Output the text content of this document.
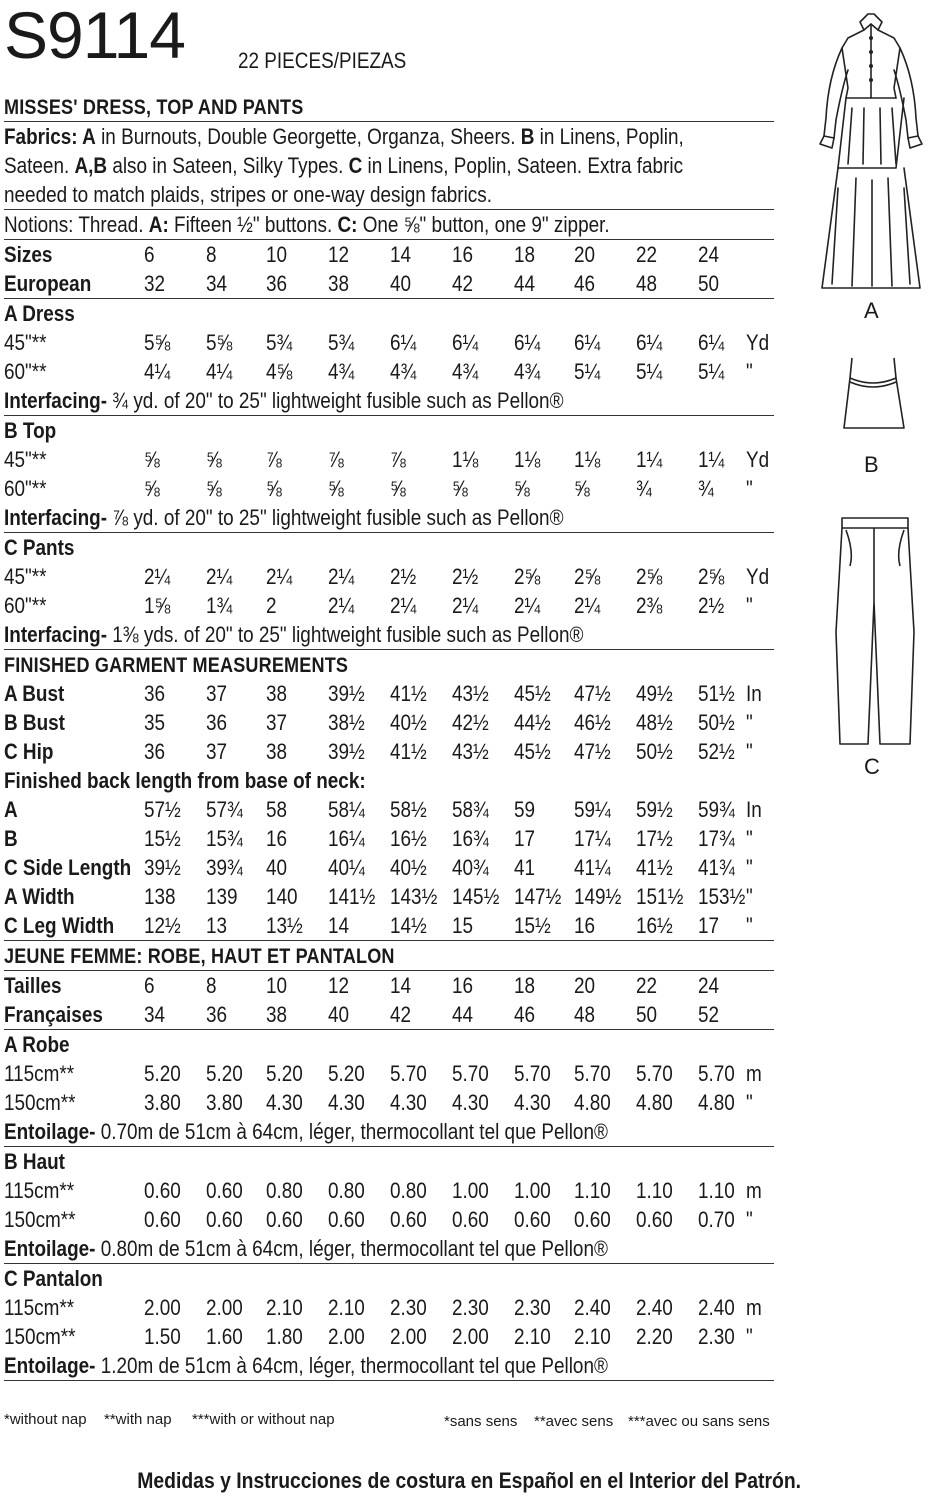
S9114 22 PIECES/PIEZAS
MISSES' DRESS, TOP AND PANTS
Fabrics: A in Burnouts, Double Georgette, Organza, Sheers. B in Linens, Poplin,
Sateen. A,B also in Sateen, Silky Types. C in Linens, Poplin, Sateen. Extra fabric
needed to match plaids, stripes or one-way design fabrics.
Notions: Thread. A: Fifteen ½" buttons. C: One ⅝" button, one 9" zipper.
Sizes	6 8 10 12 14 16 18 20 22 24
European	32 34 36 38 40 42 44 46 48 50
A Dress
45"**	5⅝ 5⅝ 5¾ 5¾ 6¼ 6¼ 6¼ 6¼ 6¼ 6¼ Yd
60"**	4¼ 4¼ 4⅝ 4¾ 4¾ 4¾ 4¾ 5¼ 5¼ 5¼ "
Interfacing- ¾ yd. of 20" to 25" lightweight fusible such as Pellon®
B Top
45"**	⅝ ⅝ ⅞ ⅞ ⅞ 1⅛ 1⅛ 1⅛ 1¼ 1¼ Yd
60"**	⅝ ⅝ ⅝ ⅝ ⅝ ⅝ ⅝ ⅝ ¾ ¾ "
Interfacing- ⅞ yd. of 20" to 25" lightweight fusible such as Pellon®
C Pants
45"**	2¼ 2¼ 2¼ 2¼ 2½ 2½ 2⅝ 2⅝ 2⅝ 2⅝ Yd
60"**	1⅝ 1¾ 2 2¼ 2¼ 2¼ 2¼ 2¼ 2⅜ 2½ "
Interfacing- 1⅜ yds. of 20" to 25" lightweight fusible such as Pellon®
FINISHED GARMENT MEASUREMENTS
A Bust	36 37 38 39½ 41½ 43½ 45½ 47½ 49½ 51½ In
B Bust	35 36 37 38½ 40½ 42½ 44½ 46½ 48½ 50½ "
C Hip	36 37 38 39½ 41½ 43½ 45½ 47½ 50½ 52½ "
Finished back length from base of neck:
A	57½ 57¾ 58 58¼ 58½ 58¾ 59 59¼ 59½ 59¾ In
B	15½ 15¾ 16 16¼ 16½ 16¾ 17 17¼ 17½ 17¾ "
C Side Length 39½ 39¾ 40 40¼ 40½ 40¾ 41 41¼ 41½ 41¾ "
A Width	138 139 140 141½ 143½ 145½ 147½ 149½ 151½ 153½ "
C Leg Width	12½ 13 13½ 14 14½ 15 15½ 16 16½ 17 "
JEUNE FEMME: ROBE, HAUT ET PANTALON
Tailles	6 8 10 12 14 16 18 20 22 24
Françaises	34 36 38 40 42 44 46 48 50 52
A Robe
115cm**	5.20 5.20 5.20 5.20 5.70 5.70 5.70 5.70 5.70 5.70 m
150cm**	3.80 3.80 4.30 4.30 4.30 4.30 4.30 4.80 4.80 4.80 "
Entoilage- 0.70m de 51cm à 64cm, léger, thermocollant tel que Pellon®
B Haut
115cm**	0.60 0.60 0.80 0.80 0.80 1.00 1.00 1.10 1.10 1.10 m
150cm**	0.60 0.60 0.60 0.60 0.60 0.60 0.60 0.60 0.60 0.70 "
Entoilage- 0.80m de 51cm à 64cm, léger, thermocollant tel que Pellon®
C Pantalon
115cm**	2.00 2.00 2.10 2.10 2.30 2.30 2.30 2.40 2.40 2.40 m
150cm**	1.50 1.60 1.80 2.00 2.00 2.00 2.10 2.10 2.20 2.30 "
Entoilage- 1.20m de 51cm à 64cm, léger, thermocollant tel que Pellon®
*without nap **with nap ***with or without nap	*sans sens **avec sens ***avec ou sans sens
Medidas y Instrucciones de costura en Español en el Interior del Patrón.
A
B
C
